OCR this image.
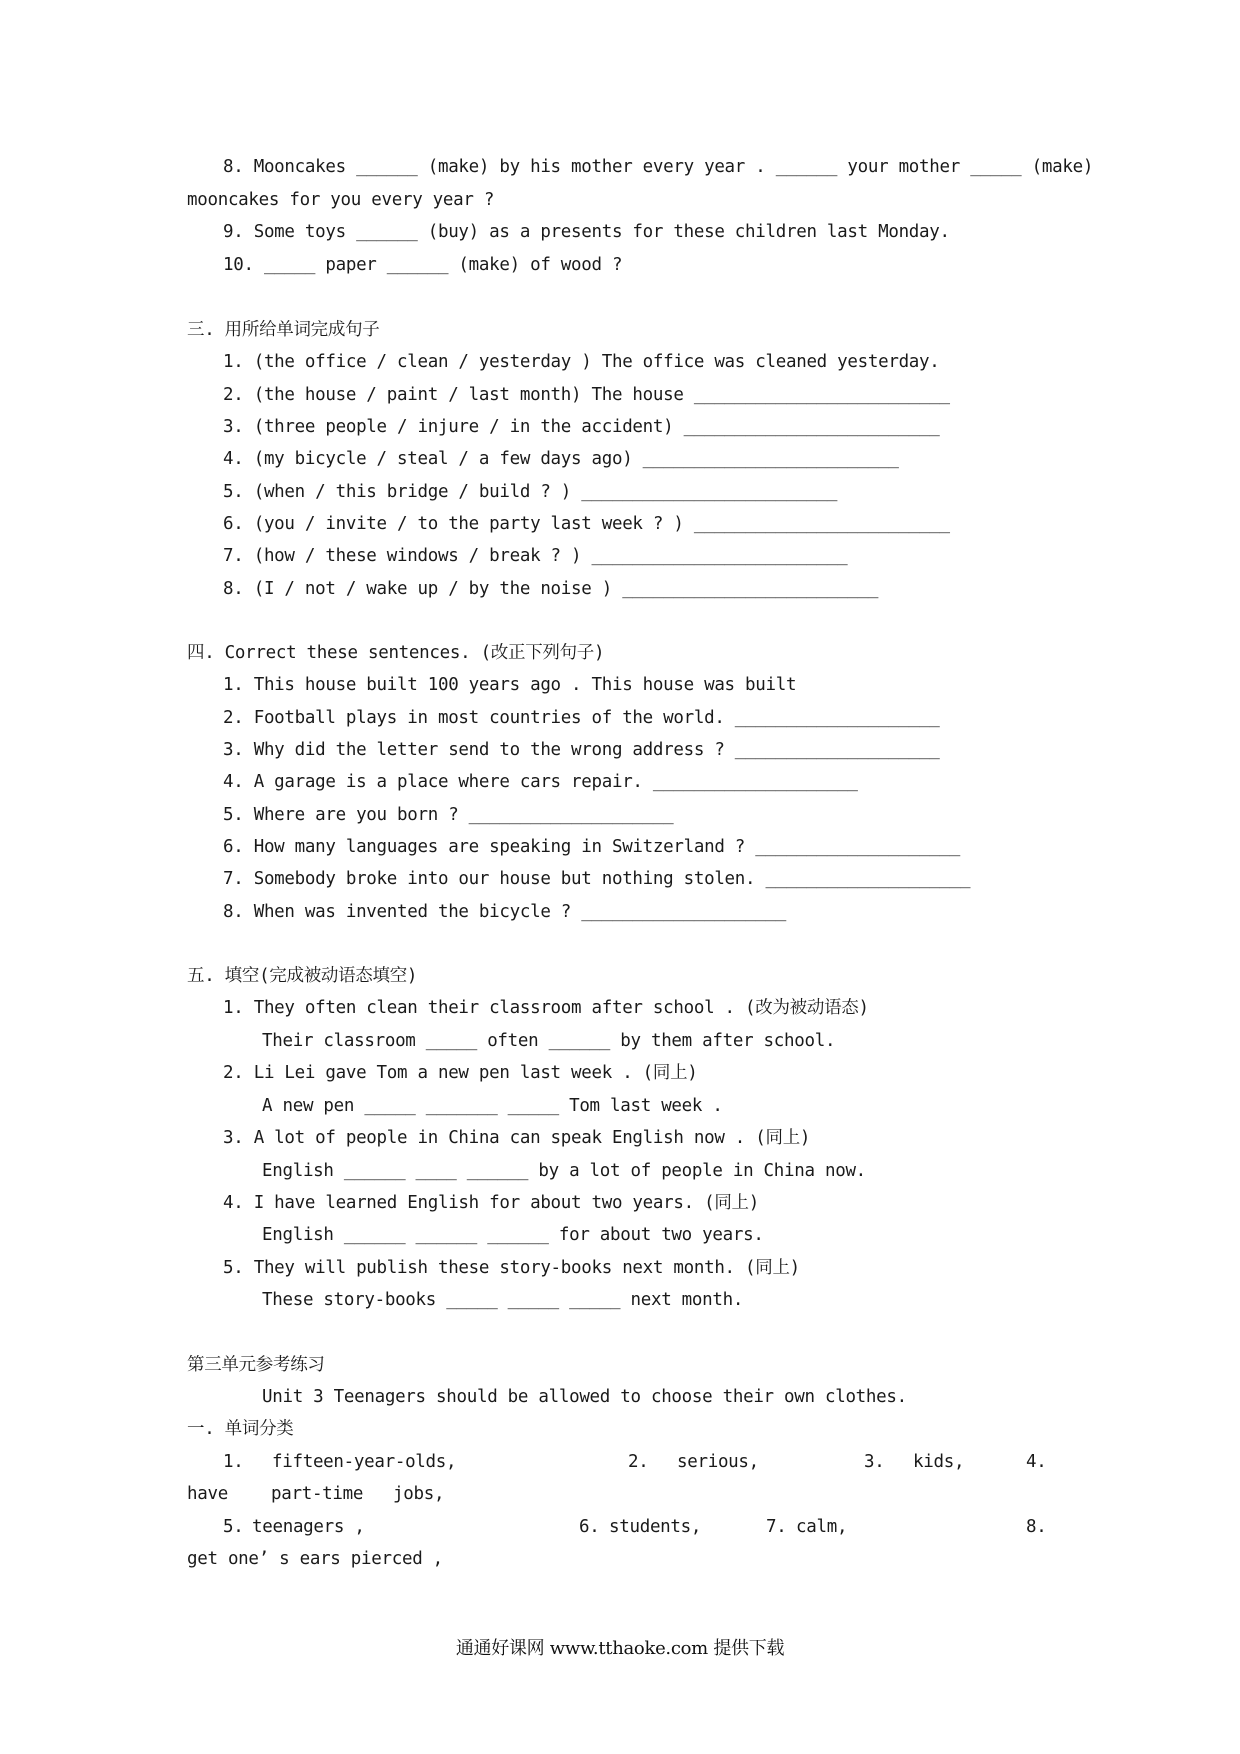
8. Mooncakes ______ (make) by his mother every year . ______ your mother _____ (make)
mooncakes for you every year ?
9. Some toys ______ (buy) as a presents for these children last Monday.
10. _____ paper ______ (make) of wood ?
三. 用所给单词完成句子
1. (the office / clean / yesterday ) The office was cleaned yesterday.
2. (the house / paint / last month) The house _________________________
3. (three people / injure / in the accident) _________________________
4. (my bicycle / steal / a few days ago) _________________________
5. (when / this bridge / build ? ) _________________________
6. (you / invite / to the party last week ? ) _________________________
7. (how / these windows / break ? ) _________________________
8. (I / not / wake up / by the noise ) _________________________
四. Correct these sentences. (改正下列句子)
1. This house built 100 years ago . This house was built
2. Football plays in most countries of the world. ____________________
3. Why did the letter send to the wrong address ? ____________________
4. A garage is a place where cars repair. ____________________
5. Where are you born ? ____________________
6. How many languages are speaking in Switzerland ? ____________________
7. Somebody broke into our house but nothing stolen. ____________________
8. When was invented the bicycle ? ____________________
五. 填空(完成被动语态填空)
1. They often clean their classroom after school . (改为被动语态)
Their classroom _____ often ______ by them after school.
2. Li Lei gave Tom a new pen last week . (同上)
A new pen _____ _______ _____ Tom last week .
3. A lot of people in China can speak English now . (同上)
English ______ ____ ______ by a lot of people in China now.
4. I have learned English for about two years. (同上)
English ______ ______ ______ for about two years.
5. They will publish these story-books next month. (同上)
These story-books _____ _____ _____ next month.
第三单元参考练习
Unit 3 Teenagers should be allowed to choose their own clothes.
一. 单词分类
1. fifteen-year-olds,	2. serious,	3. kids,	4.
have part-time jobs,
5. teenagers ,	6. students,	7. calm,	8.
get one’ s ears pierced ,
通通好课网 www.tthaoke.com 提供下载
